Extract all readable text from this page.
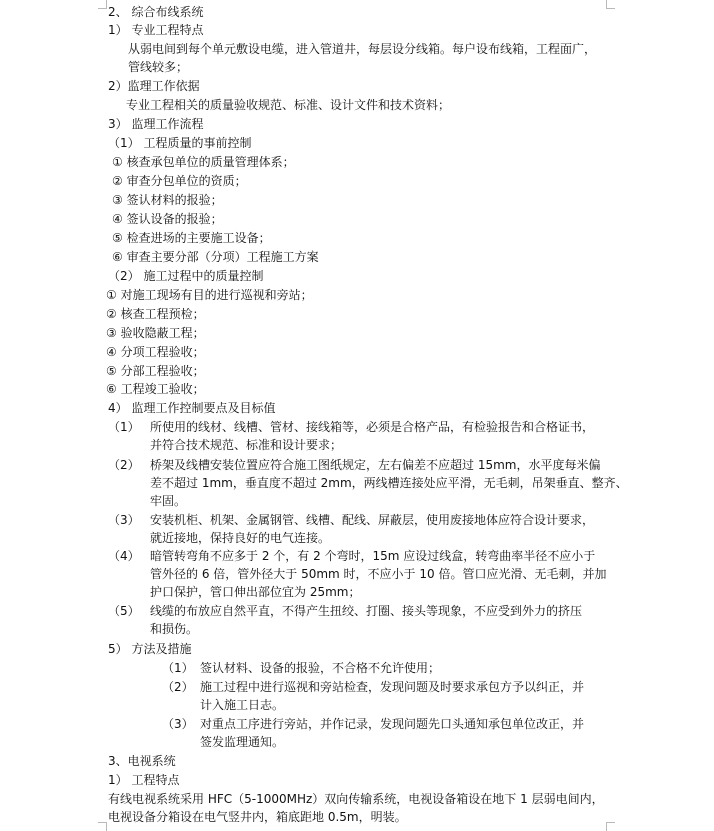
2、 综合布线系统
1） 专业工程特点
从弱电间到每个单元敷设电缆，进入管道井，每层设分线箱。每户设布线箱，工程面广，
管线较多；
2）监理工作依据
专业工程相关的质量验收规范、标准、设计文件和技术资料；
3） 监理工作流程
（1） 工程质量的事前控制
① 核查承包单位的质量管理体系；
② 审查分包单位的资质；
③ 签认材料的报验；
④ 签认设备的报验；
⑤ 检查进场的主要施工设备；
⑥ 审查主要分部（分项）工程施工方案
（2） 施工过程中的质量控制
① 对施工现场有目的进行巡视和旁站；
② 核查工程预检；
③ 验收隐蔽工程；
④ 分项工程验收；
⑤ 分部工程验收；
⑥ 工程竣工验收；
4） 监理工作控制要点及目标值
（1） 所使用的线材、线槽、管材、接线箱等，必须是合格产品，有检验报告和合格证书，
并符合技术规范、标准和设计要求；
（2） 桥架及线槽安装位置应符合施工图纸规定，左右偏差不应超过 15mm，水平度每米偏
差不超过 1mm，垂直度不超过 2mm，两线槽连接处应平滑，无毛刺，吊架垂直、整齐、
牢固。
（3） 安装机柜、机架、金属钢管、线槽、配线、屏蔽层，使用废接地体应符合设计要求，
就近接地，保持良好的电气连接。
（4） 暗管转弯角不应多于 2 个，有 2 个弯时，15m 应设过线盒，转弯曲率半径不应小于
管外径的 6 倍，管外径大于 50mm 时，不应小于 10 倍。管口应光滑、无毛刺，并加
护口保护，管口伸出部位宜为 25mm；
（5） 线缆的布放应自然平直，不得产生扭绞、打圈、接头等现象，不应受到外力的挤压
和损伤。
5） 方法及措施
（1） 签认材料、设备的报验，不合格不允许使用；
（2） 施工过程中进行巡视和旁站检查，发现问题及时要求承包方予以纠正，并
计入施工日志。
（3） 对重点工序进行旁站，并作记录，发现问题先口头通知承包单位改正，并
签发监理通知。
3、电视系统
1） 工程特点
有线电视系统采用 HFC（5-1000MHz）双向传输系统，电视设备箱设在地下 1 层弱电间内，
电视设备分箱设在电气竖井内，箱底距地 0.5m，明装。
